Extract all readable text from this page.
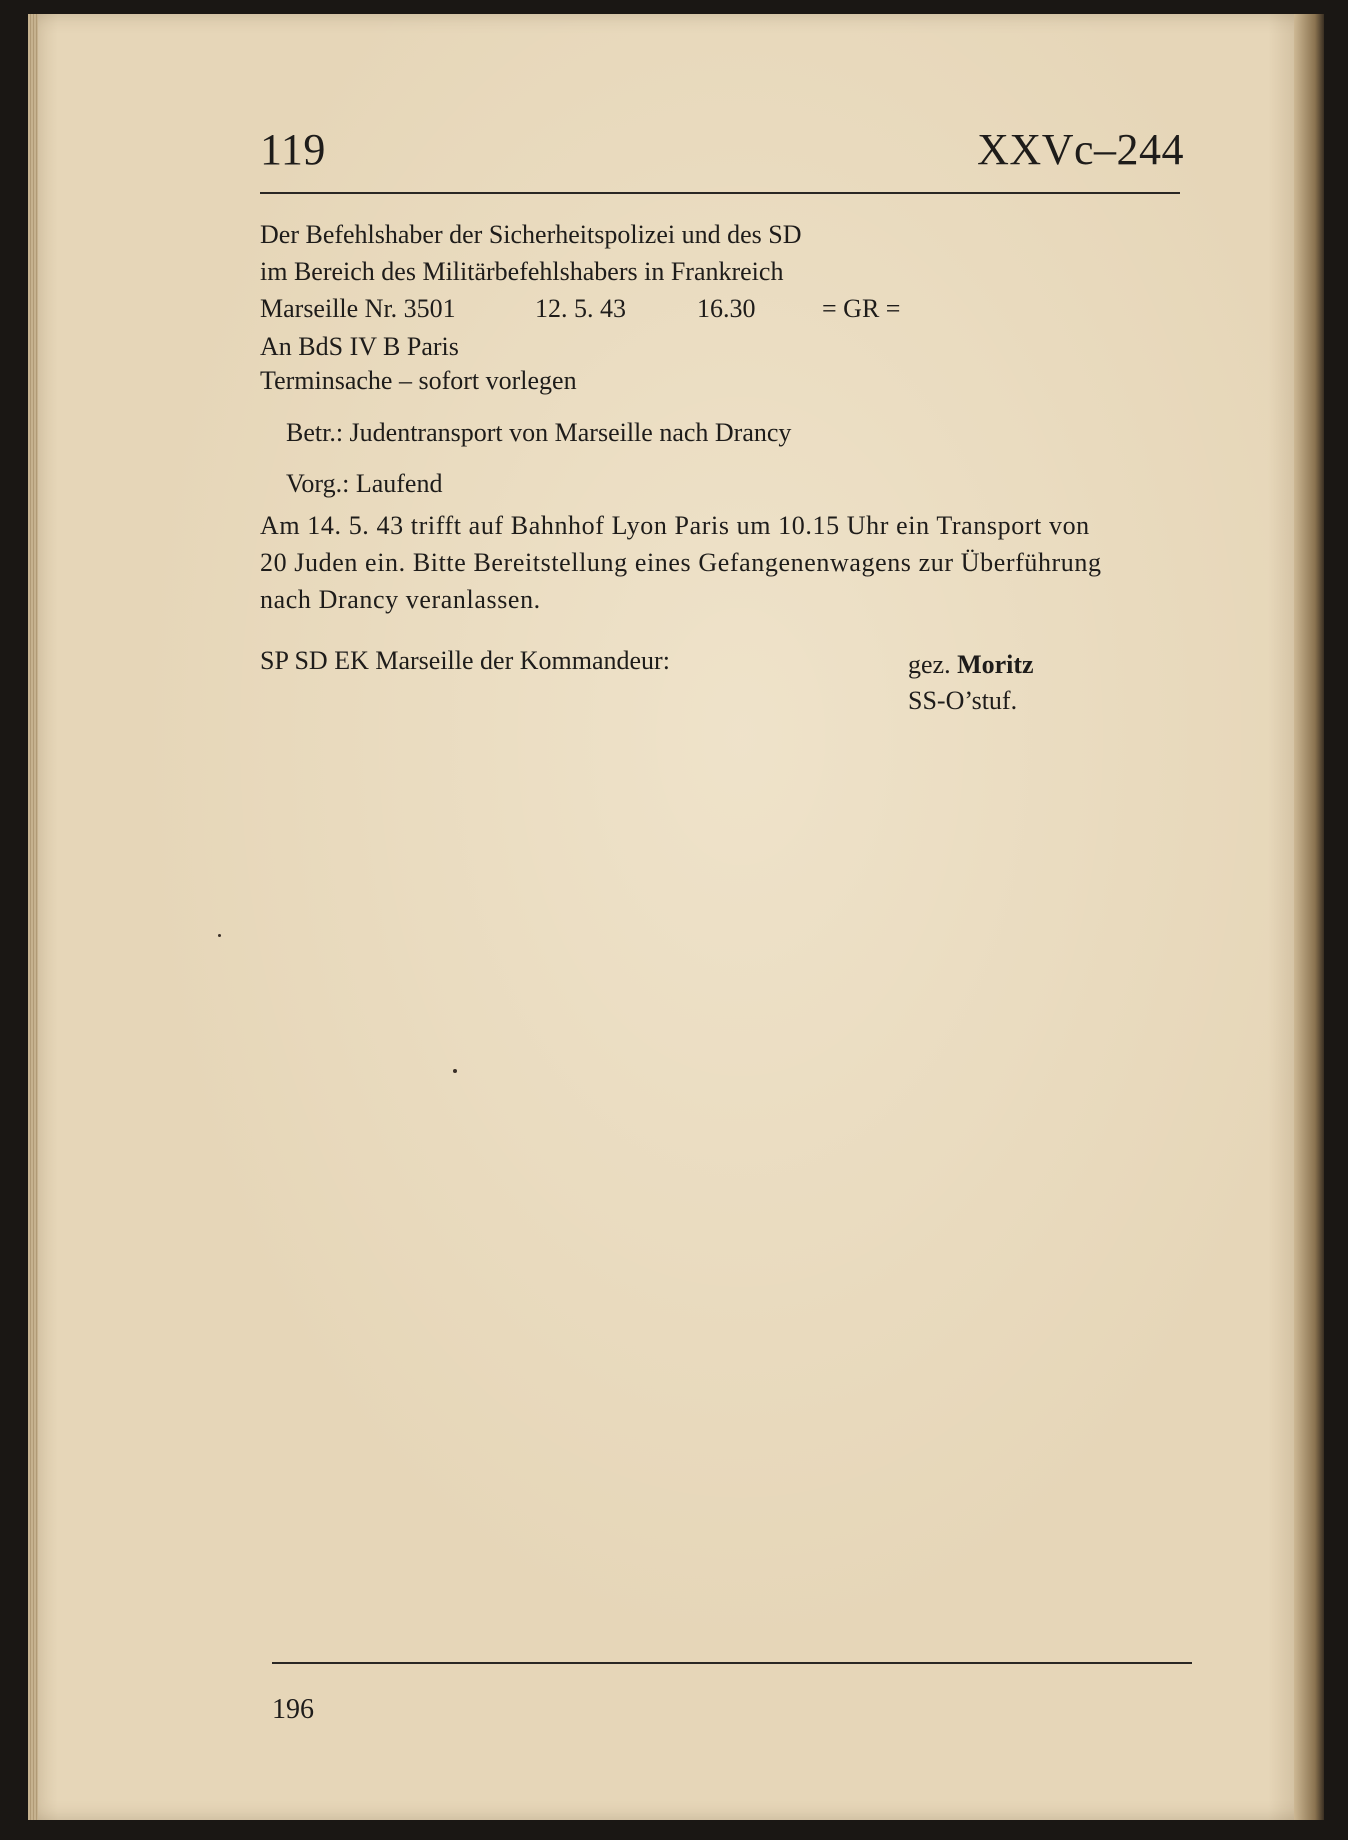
119	XXVc–244
Der Befehlshaber der Sicherheitspolizei und des SD
im Bereich des Militärbefehlshabers in Frankreich
Marseille Nr. 3501	12. 5. 43	16.30	= GR =
An BdS IV B Paris
Terminsache – sofort vorlegen
Betr.: Judentransport von Marseille nach Drancy
Vorg.: Laufend
Am 14. 5. 43 trifft auf Bahnhof Lyon Paris um 10.15 Uhr ein Transport von
20 Juden ein. Bitte Bereitstellung eines Gefangenenwagens zur Überführung
nach Drancy veranlassen.
SP SD EK Marseille der Kommandeur:	gez. Moritz
SS-O’stuf.
196
